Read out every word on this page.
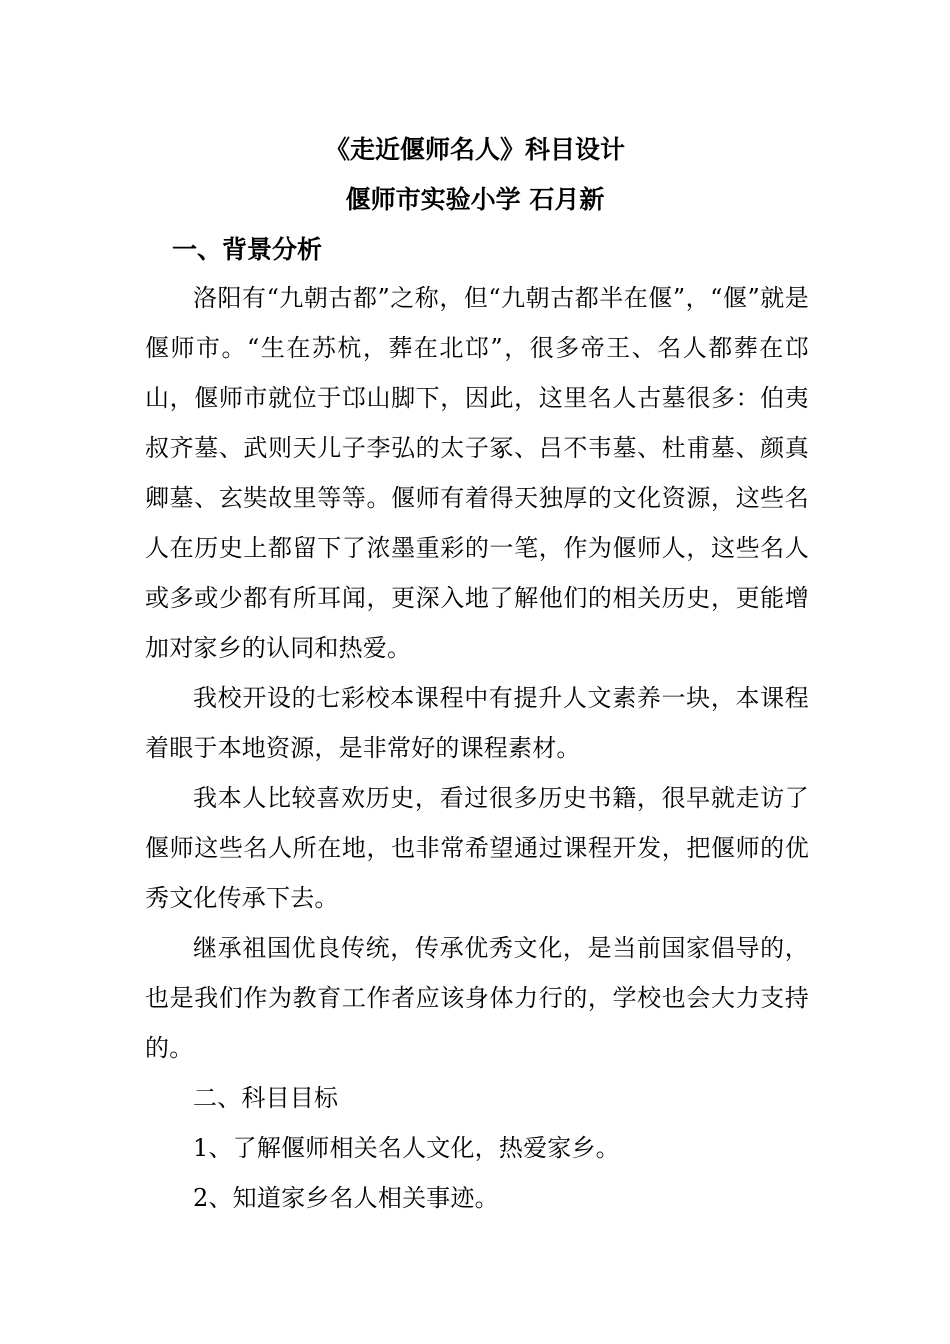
《走近偃师名人》科目设计
偃师市实验小学 石月新
一、背景分析

洛阳有“九朝古都”之称，但“九朝古都半在偃”，“偃”就是偃师市。“生在苏杭，葬在北邙”，很多帝王、名人都葬在邙山，偃师市就位于邙山脚下，因此，这里名人古墓很多：伯夷叔齐墓、武则天儿子李弘的太子冢、吕不韦墓、杜甫墓、颜真卿墓、玄奘故里等等。偃师有着得天独厚的文化资源，这些名人在历史上都留下了浓墨重彩的一笔，作为偃师人，这些名人或多或少都有所耳闻，更深入地了解他们的相关历史，更能增加对家乡的认同和热爱。

我校开设的七彩校本课程中有提升人文素养一块，本课程着眼于本地资源，是非常好的课程素材。

我本人比较喜欢历史，看过很多历史书籍，很早就走访了偃师这些名人所在地，也非常希望通过课程开发，把偃师的优秀文化传承下去。

继承祖国优良传统，传承优秀文化，是当前国家倡导的，也是我们作为教育工作者应该身体力行的，学校也会大力支持的。

二、科目目标

1、了解偃师相关名人文化，热爱家乡。

2、知道家乡名人相关事迹。
